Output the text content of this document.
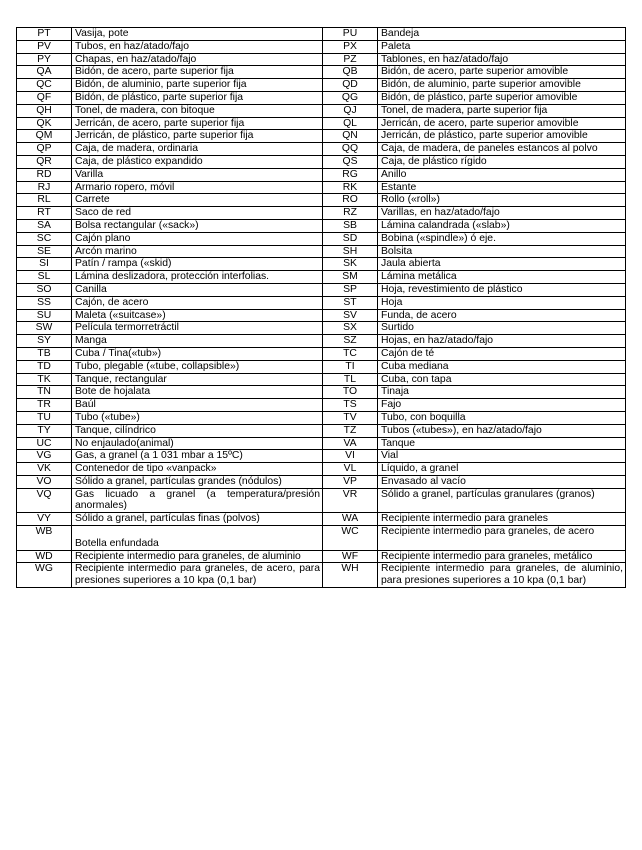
PT	Vasija, pote	PU	Bandeja
PV	Tubos, en haz/atado/fajo	PX	Paleta
PY	Chapas, en haz/atado/fajo	PZ	Tablones, en haz/atado/fajo
QA	Bidón, de acero, parte superior fija	QB	Bidón, de acero, parte superior amovible
QC	Bidón, de aluminio, parte superior fija	QD	Bidón, de aluminio, parte superior amovible
QF	Bidón, de plástico, parte superior fija	QG	Bidón, de plástico, parte superior amovible
QH	Tonel, de madera, con bitoque	QJ	Tonel, de madera, parte superior fija
QK	Jerricán, de acero, parte superior fija	QL	Jerricán, de acero, parte superior amovible
QM	Jerricán, de plástico, parte superior fija	QN	Jerricán, de plástico, parte superior amovible
QP	Caja, de madera, ordinaria	QQ	Caja, de madera, de paneles estancos al polvo
QR	Caja, de plástico expandido	QS	Caja, de plástico rígido
RD	Varilla	RG	Anillo
RJ	Armario ropero, móvil	RK	Estante
RL	Carrete	RO	Rollo («roll»)
RT	Saco de red	RZ	Varillas, en haz/atado/fajo
SA	Bolsa rectangular («sack»)	SB	Lámina calandrada («slab»)
SC	Cajón plano	SD	Bobina («spindle») ó eje.
SE	Arcón marino	SH	Bolsita
SI	Patín / rampa («skid)	SK	Jaula abierta
SL	Lámina deslizadora, protección interfolias.	SM	Lámina metálica
SO	Canilla	SP	Hoja, revestimiento de plástico
SS	Cajón, de acero	ST	Hoja
SU	Maleta («suitcase»)	SV	Funda, de acero
SW	Película termorretráctil	SX	Surtido
SY	Manga	SZ	Hojas, en haz/atado/fajo
TB	Cuba / Tina(«tub»)	TC	Cajón de té
TD	Tubo, plegable («tube, collapsible»)	TI	Cuba mediana
TK	Tanque, rectangular	TL	Cuba, con tapa
TN	Bote de hojalata	TO	Tinaja
TR	Baúl	TS	Fajo
TU	Tubo («tube»)	TV	Tubo, con boquilla
TY	Tanque, cilíndrico	TZ	Tubos («tubes»), en haz/atado/fajo
UC	No enjaulado(animal)	VA	Tanque
VG	Gas, a granel (a 1 031 mbar a 15ºC)	VI	Vial
VK	Contenedor de tipo «vanpack»	VL	Líquido, a granel
VO	Sólido a granel, partículas grandes (nódulos)	VP	Envasado al vacío
VQ	Gas licuado a granel (a temperatura/presión anormales)	VR	Sólido a granel, partículas granulares (granos)
VY	Sólido a granel, partículas finas (polvos)	WA	Recipiente intermedio para graneles
WB	Botella enfundada	WC	Recipiente intermedio para graneles, de acero
WD	Recipiente intermedio para graneles, de aluminio	WF	Recipiente intermedio para graneles, metálico
WG	Recipiente intermedio para graneles, de acero, para presiones superiores a 10 kpa (0,1 bar)	WH	Recipiente intermedio para graneles, de aluminio, para presiones superiores a 10 kpa (0,1 bar)
